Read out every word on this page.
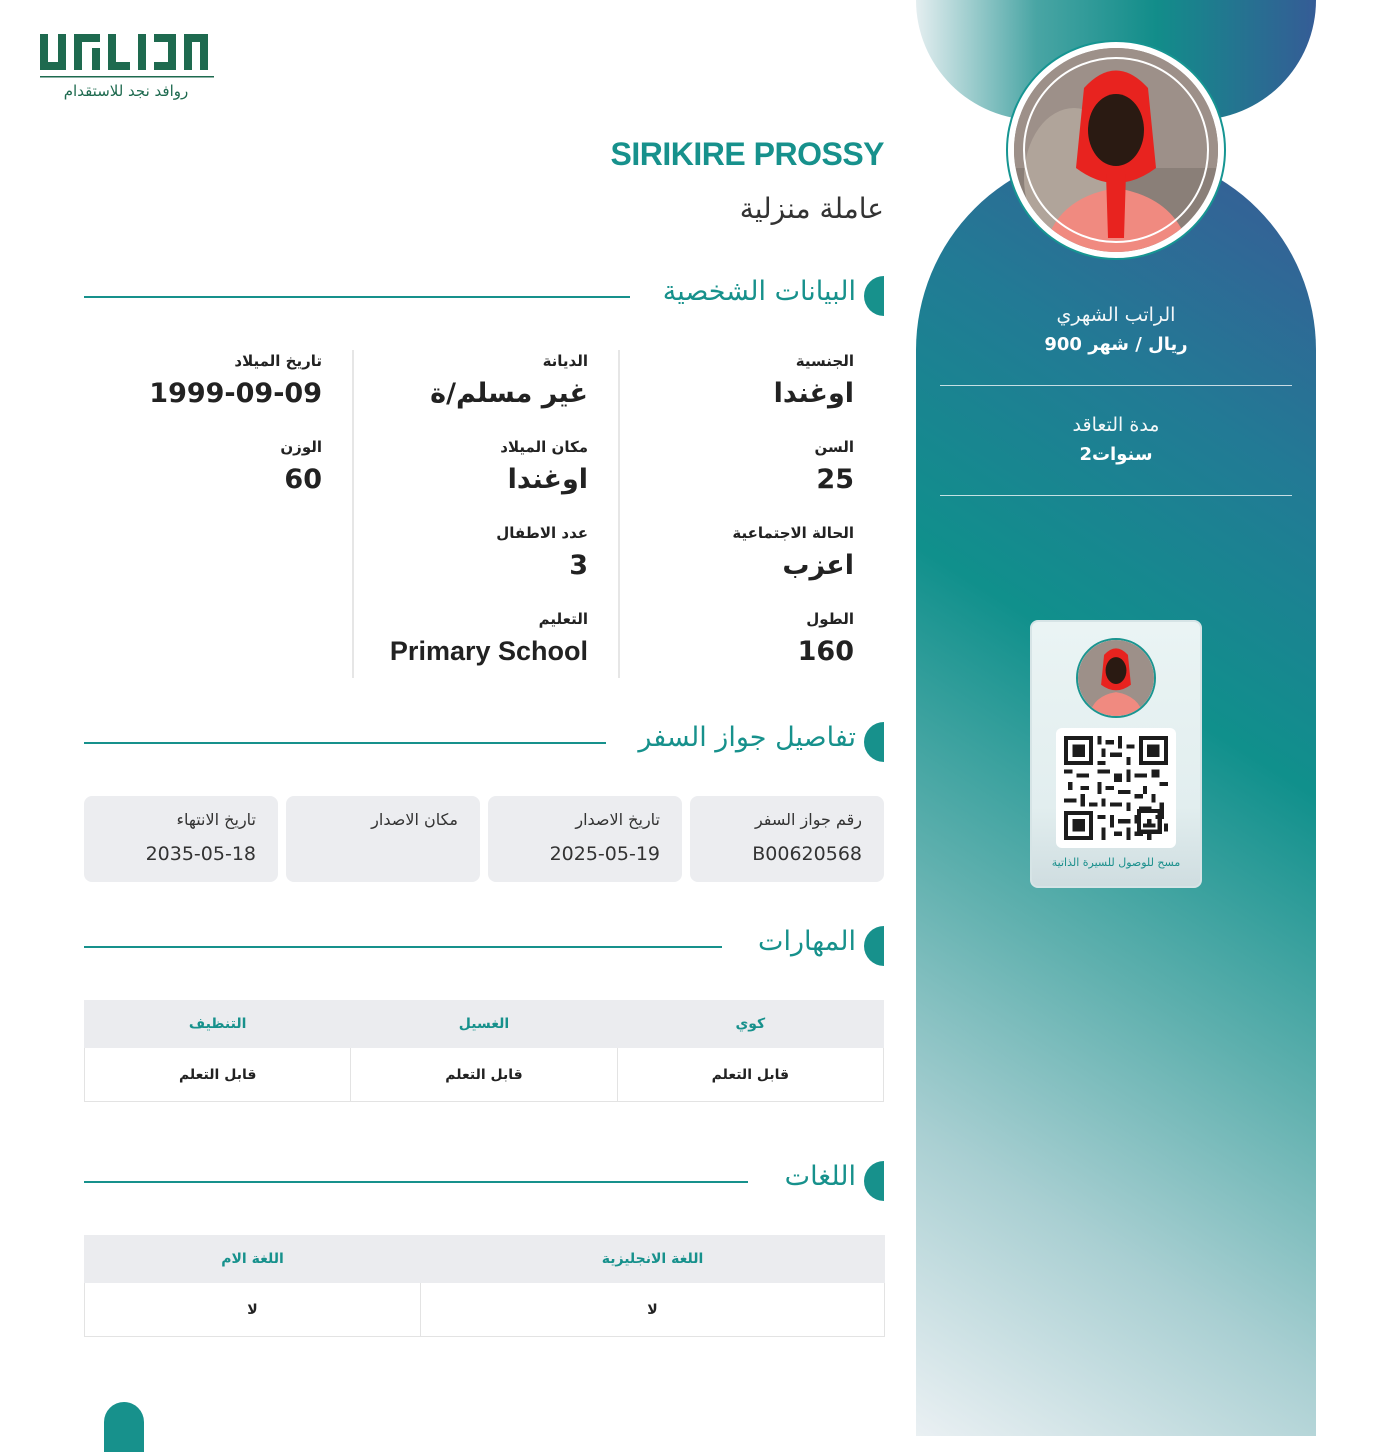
الراتب الشهري
900 ريال / شهر
مدة التعاقد
2سنوات
مسح للوصول للسيرة الذاتية
روافد نجد للاستقدام
SIRIKIRE PROSSY
عاملة منزلية
البيانات الشخصية
الجنسية
اوغندا
السن
25
الحالة الاجتماعية
اعزب
الطول
160
الديانة
غير مسلم/ة
مكان الميلاد
اوغندا
عدد الاطفال
3
التعليم
Primary School
تاريخ الميلاد
1999-09-09
الوزن
60
تفاصيل جواز السفر
رقم جواز السفر
B00620568
تاريخ الاصدار
2025-05-19
مكان الاصدار
تاريخ الانتهاء
2035-05-18
المهارات
كوي	الغسيل	التنظيف
قابل التعلم	قابل التعلم	قابل التعلم
اللغات
اللغة الانجليزية	اللغة الام
لا	لا
